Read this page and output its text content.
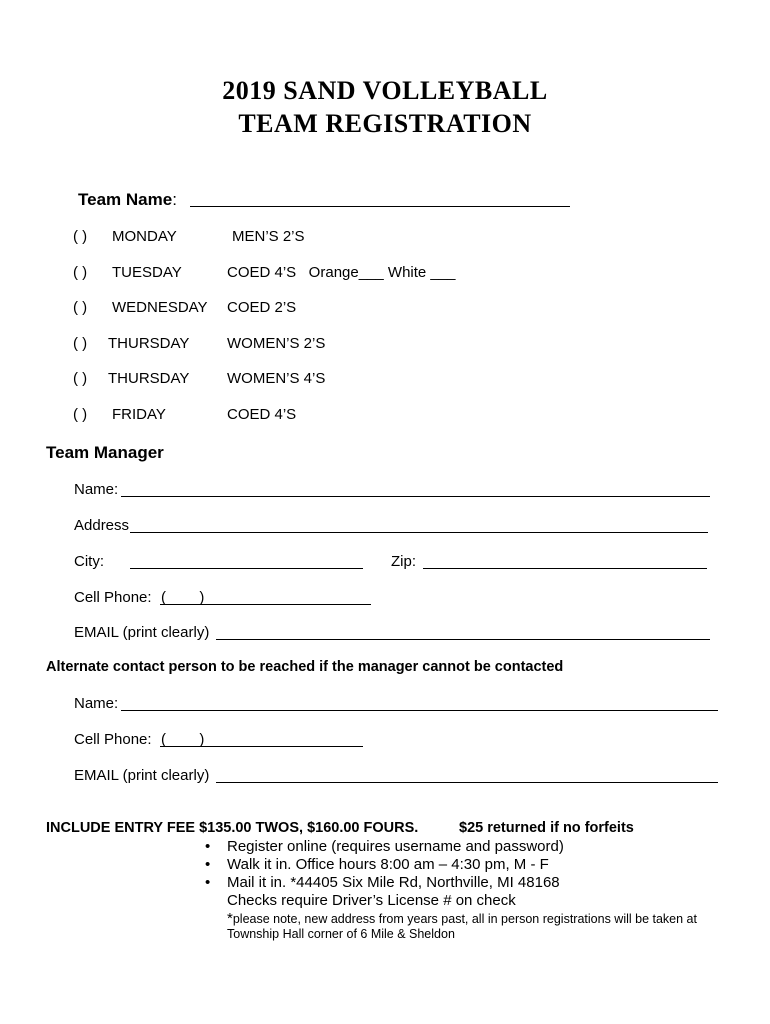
2019 SAND VOLLEYBALL
TEAM REGISTRATION
Team Name:
( ) MONDAY	MEN’S 2’S
( ) TUESDAY	COED 4’S   Orange___ White ___
( ) WEDNESDAY COED 2’S
( ) THURSDAY	WOMEN’S 2’S
( ) THURSDAY	WOMEN’S 4’S
( ) FRIDAY	COED 4’S
Team Manager
Name:
Address
City:	Zip:
Cell Phone: (        )
EMAIL (print clearly)
Alternate contact person to be reached if the manager cannot be contacted
Name:
Cell Phone: (        )
EMAIL (print clearly)
INCLUDE ENTRY FEE $135.00 TWOS, $160.00 FOURS.	$25 returned if no forfeits
• Register online (requires username and password)
• Walk it in. Office hours 8:00 am – 4:30 pm, M - F
• Mail it in. *44405 Six Mile Rd, Northville, MI 48168
Checks require Driver’s License # on check
*please note, new address from years past, all in person registrations will be taken at
Township Hall corner of 6 Mile & Sheldon
